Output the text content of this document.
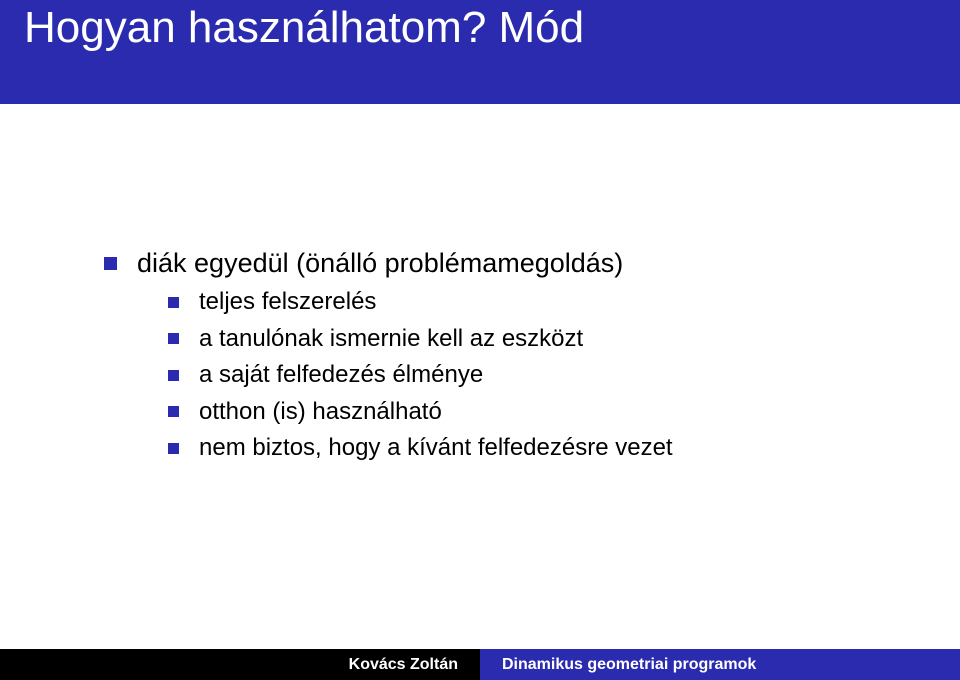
Hogyan használhatom? Mód
diák egyedül (önálló problémamegoldás)
teljes felszerelés
a tanulónak ismernie kell az eszközt
a saját felfedezés élménye
otthon (is) használható
nem biztos, hogy a kívánt felfedezésre vezet
Kovács Zoltán	Dinamikus geometriai programok
